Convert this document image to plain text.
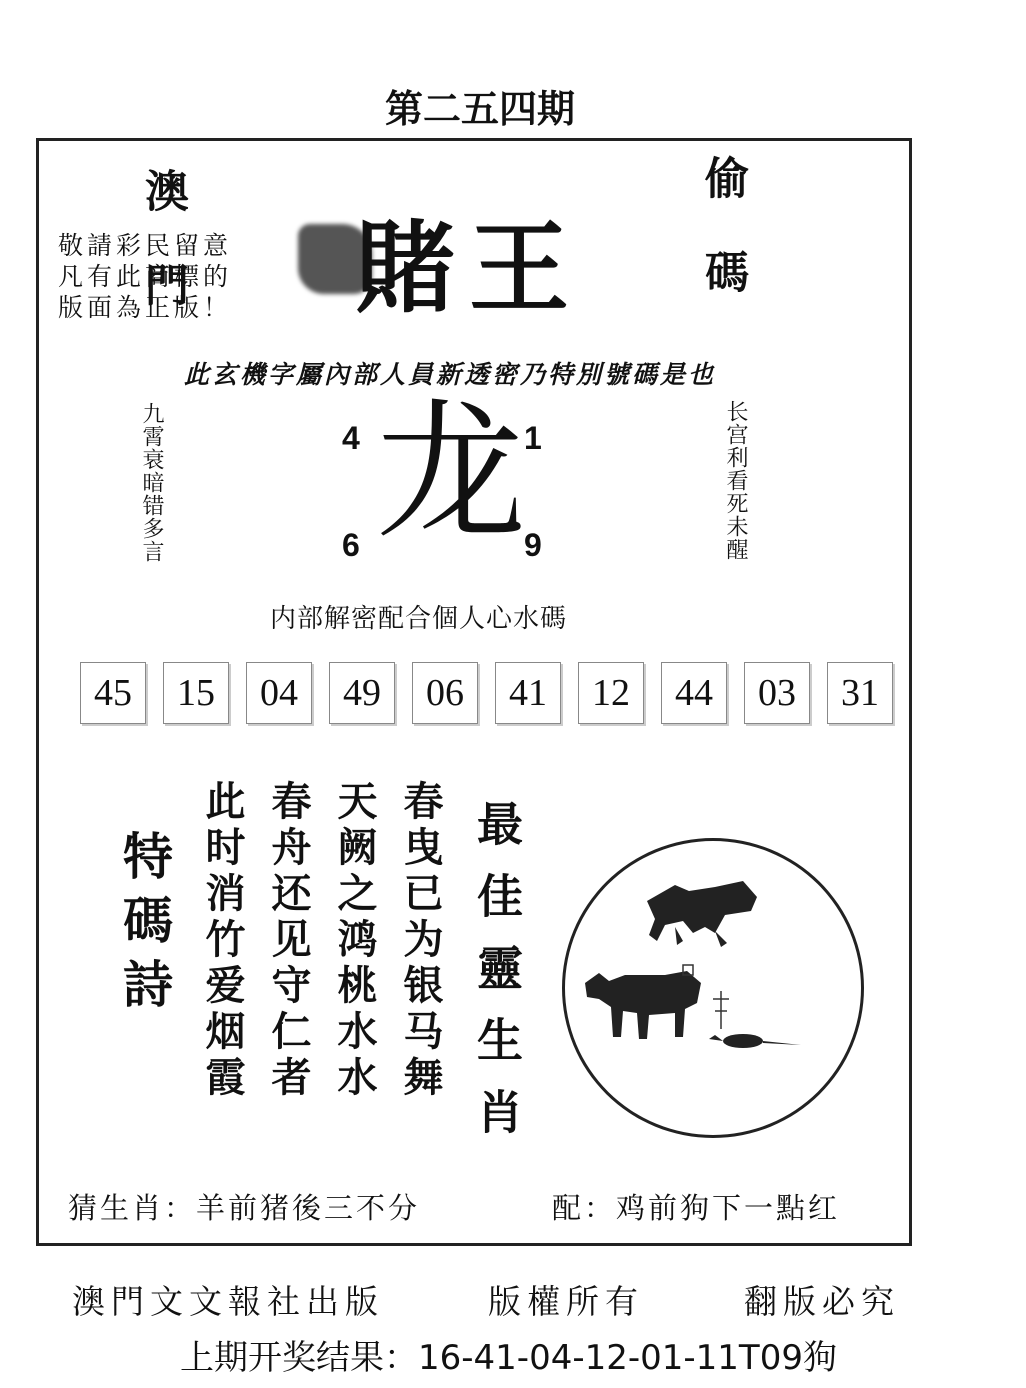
第二五四期
澳門	偷碼
賭王
敬請彩民留意
凡有此商標的
版面為正版！
此玄機字屬內部人員新透密乃特別號碼是也
九霄衰暗错多言	长宫利看死未醒
4	1
6	9
龙
内部解密配合個人心水碼
45	15	04	49	06	41	12	44	03	31
特碼詩 此时消竹爱烟霞 春舟还见守仁者 天阙之鸿桃水水 春曳已为银马舞 最佳靈生肖
猜生肖：羊前猪後三不分	配：鸡前狗下一點红
澳門文文報社出版	版權所有	翻版必究
上期开奖结果：16-41-04-12-01-11T09狗
